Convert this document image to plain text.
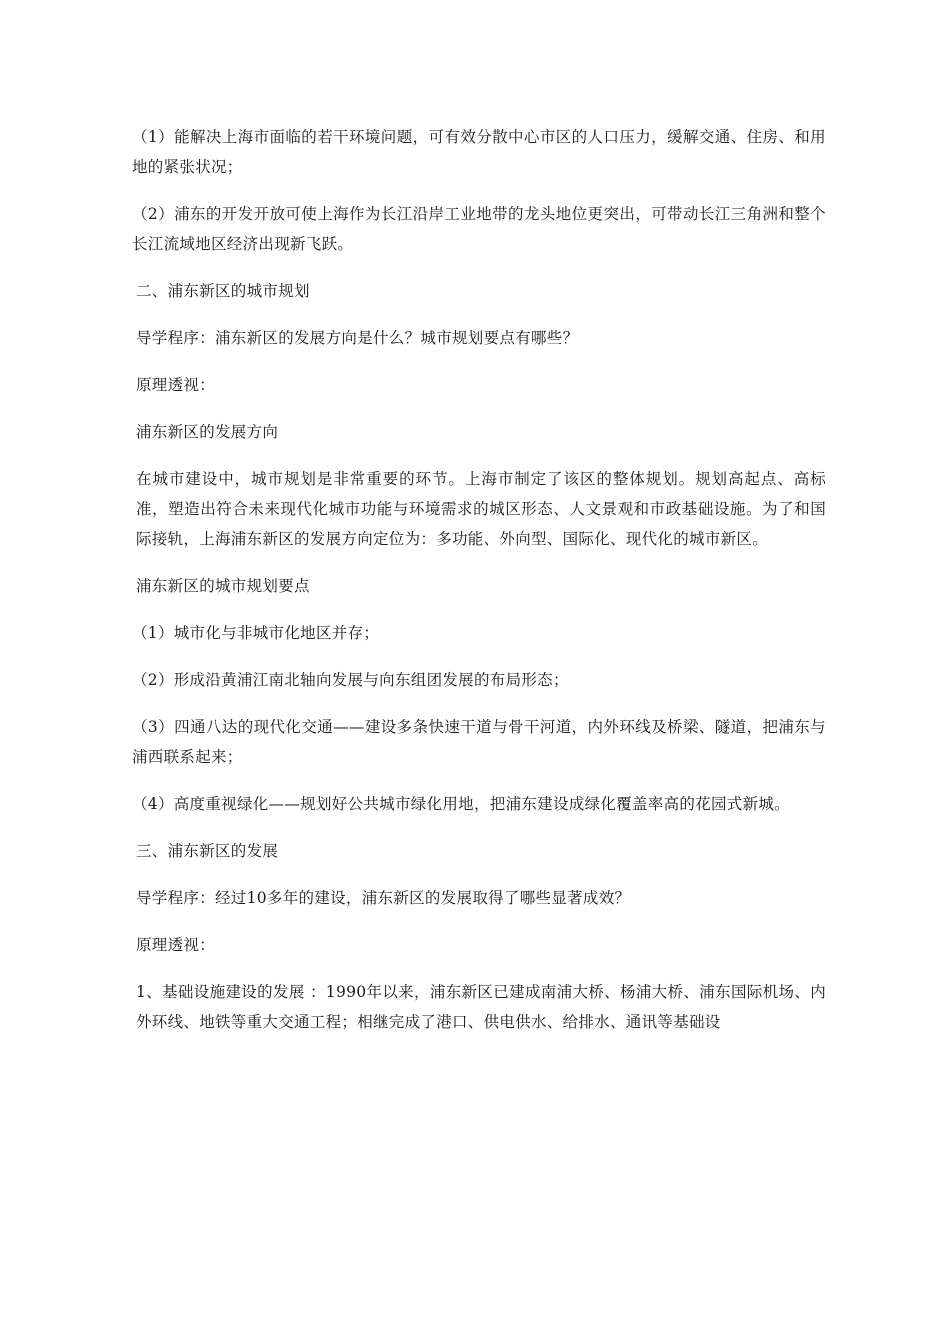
（1）能解决上海市面临的若干环境问题，可有效分散中心市区的人口压力，缓解交通、住房、和用地的紧张状况；

（2）浦东的开发开放可使上海作为长江沿岸工业地带的龙头地位更突出，可带动长江三角洲和整个长江流域地区经济出现新飞跃。

二、浦东新区的城市规划

导学程序：浦东新区的发展方向是什么？城市规划要点有哪些？

原理透视：

浦东新区的发展方向

在城市建设中，城市规划是非常重要的环节。上海市制定了该区的整体规划。规划高起点、高标准，塑造出符合未来现代化城市功能与环境需求的城区形态、人文景观和市政基础设施。为了和国际接轨，上海浦东新区的发展方向定位为：多功能、外向型、国际化、现代化的城市新区。

浦东新区的城市规划要点

（1）城市化与非城市化地区并存；

（2）形成沿黄浦江南北轴向发展与向东组团发展的布局形态；

（3）四通八达的现代化交通——建设多条快速干道与骨干河道，内外环线及桥梁、隧道，把浦东与浦西联系起来；

（4）高度重视绿化——规划好公共城市绿化用地，把浦东建设成绿化覆盖率高的花园式新城。

三、浦东新区的发展

导学程序：经过10多年的建设，浦东新区的发展取得了哪些显著成效？

原理透视：

1、基础设施建设的发展 ：1990年以来，浦东新区已建成南浦大桥、杨浦大桥、浦东国际机场、内外环线、地铁等重大交通工程；相继完成了港口、供电供水、给排水、通讯等基础设
